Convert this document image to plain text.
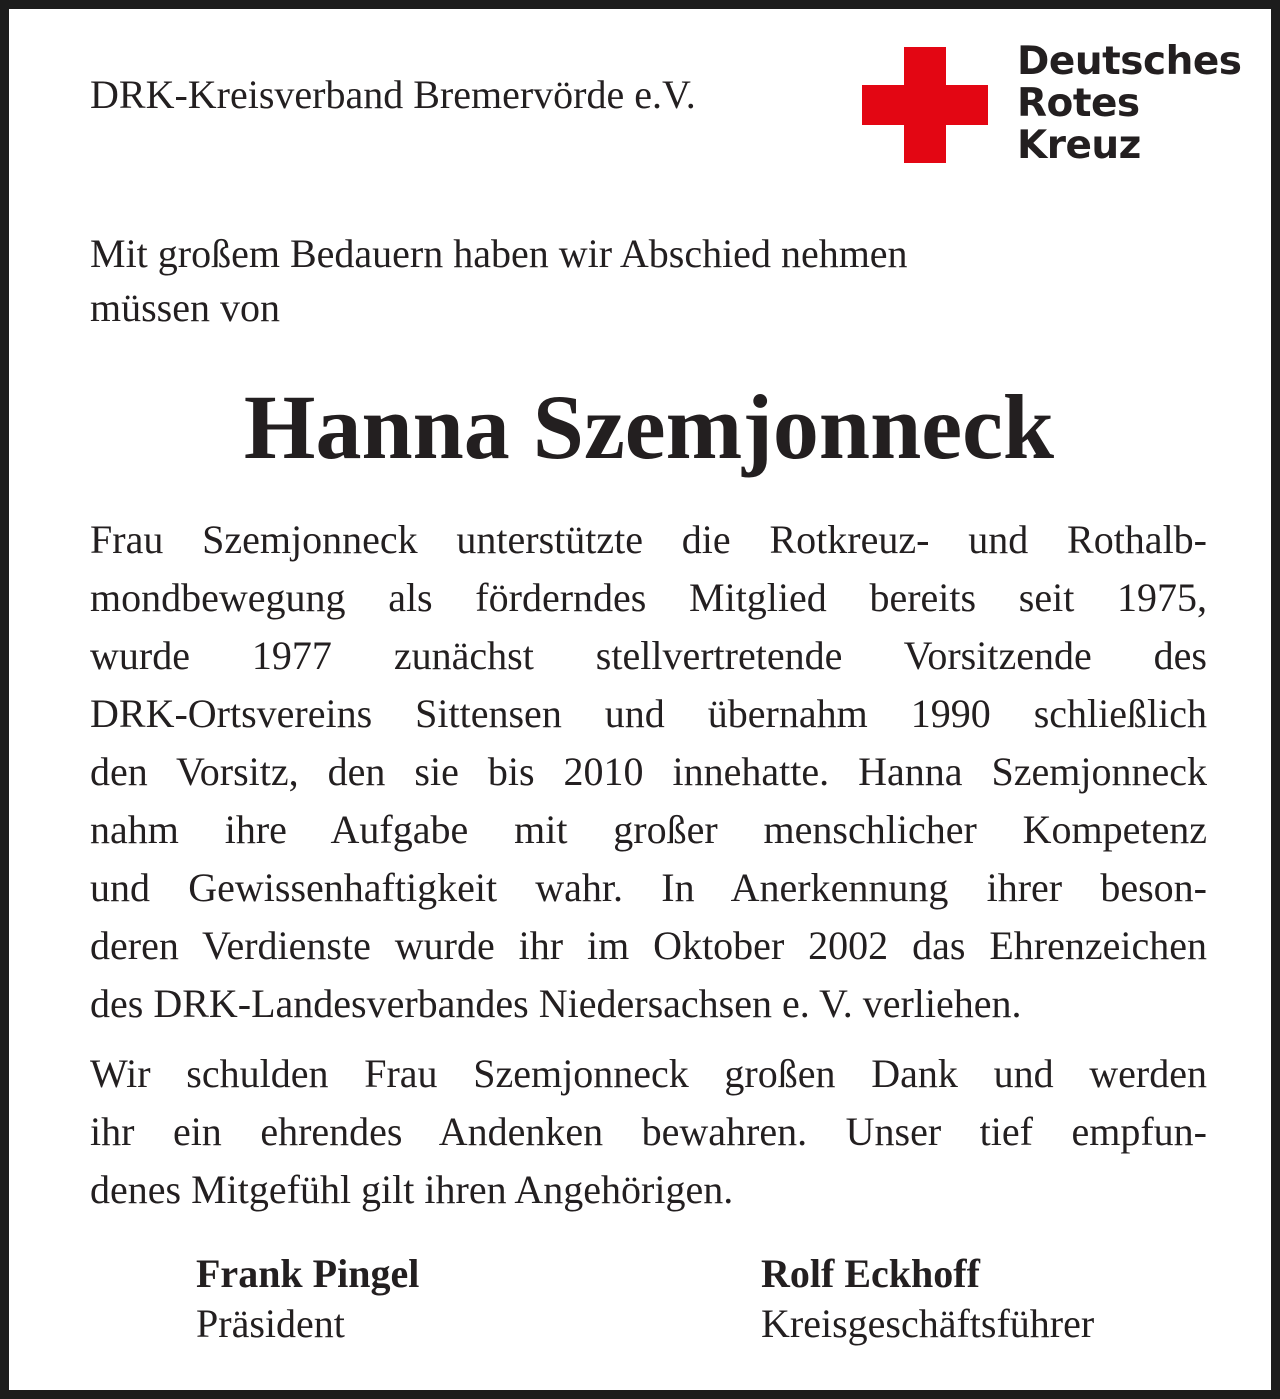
DRK-Kreisverband Bremervörde e.V.
Deutsches
Rotes
Kreuz
Mit großem Bedauern haben wir Abschied nehmen
müssen von
Hanna Szemjonneck
Frau Szemjonneck unterstützte die Rotkreuz- und Rothalb-
mondbewegung als förderndes Mitglied bereits seit 1975,
wurde 1977 zunächst stellvertretende Vorsitzende des
DRK-Ortsvereins Sittensen und übernahm 1990 schließlich
den Vorsitz, den sie bis 2010 innehatte. Hanna Szemjonneck
nahm ihre Aufgabe mit großer menschlicher Kompetenz
und Gewissenhaftigkeit wahr. In Anerkennung ihrer beson-
deren Verdienste wurde ihr im Oktober 2002 das Ehrenzeichen
des DRK-Landesverbandes Niedersachsen e. V. verliehen.
Wir schulden Frau Szemjonneck großen Dank und werden
ihr ein ehrendes Andenken bewahren. Unser tief empfun-
denes Mitgefühl gilt ihren Angehörigen.
Frank Pingel
Präsident
Rolf Eckhoff
Kreisgeschäftsführer
